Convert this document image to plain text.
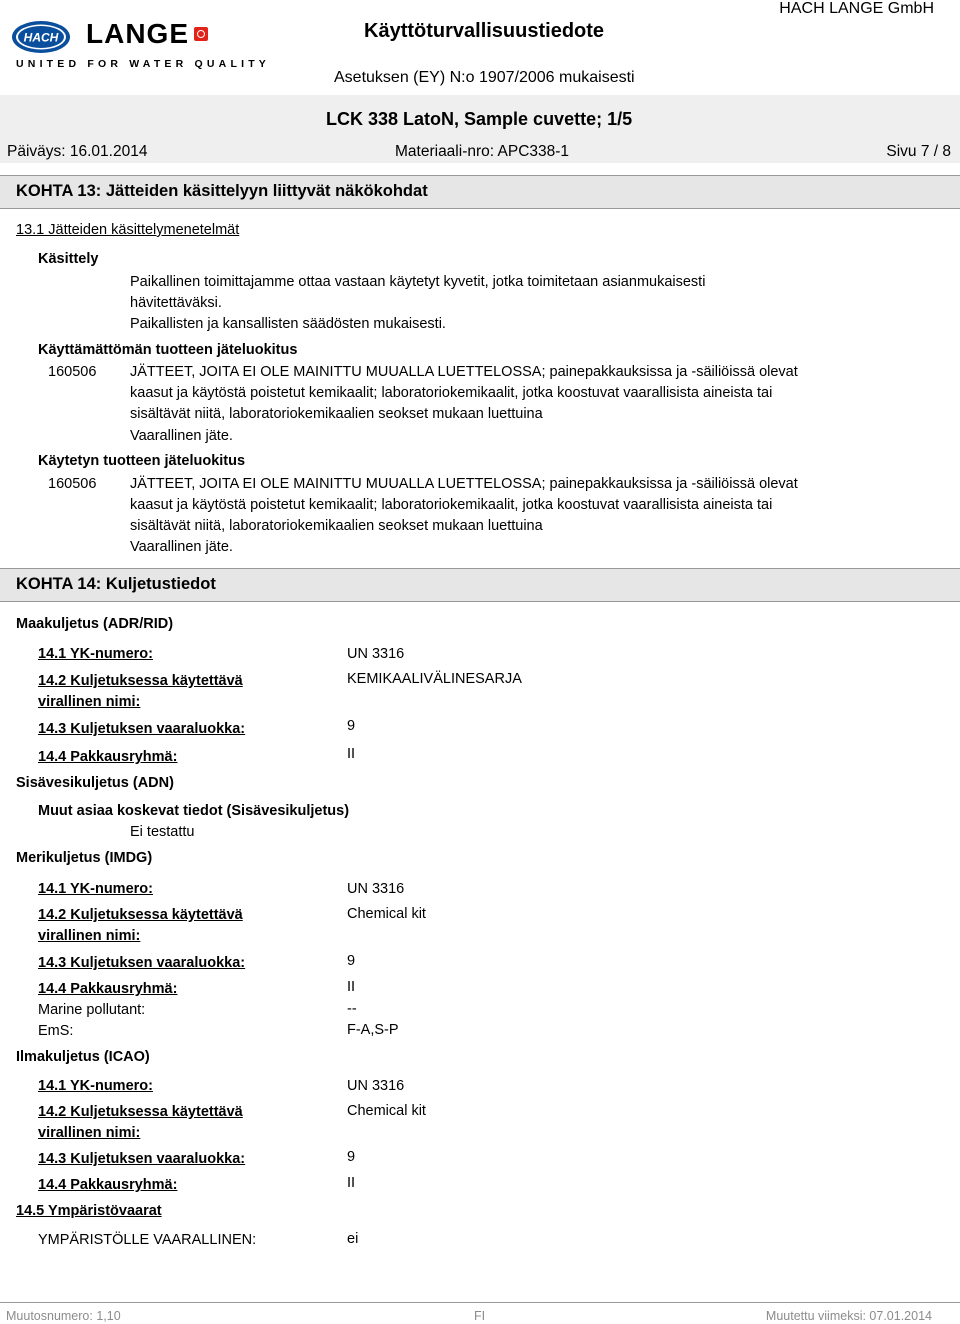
HACH LANGE
UNITED FOR WATER QUALITY
Käyttöturvallisuustiedote
HACH LANGE GmbH
Asetuksen (EY) N:o 1907/2006 mukaisesti
LCK 338 LatoN, Sample cuvette; 1/5
Päiväys: 16.01.2014	Materiaali-nro: APC338-1	Sivu 7 / 8
KOHTA 13: Jätteiden käsittelyyn liittyvät näkökohdat
13.1 Jätteiden käsittelymenetelmät
Käsittely
Paikallinen toimittajamme ottaa vastaan käytetyt kyvetit, jotka toimitetaan asianmukaisesti
hävitettäväksi.
Paikallisten ja kansallisten säädösten mukaisesti.
Käyttämättömän tuotteen jäteluokitus
160506 JÄTTEET, JOITA EI OLE MAINITTU MUUALLA LUETTELOSSA; painepakkauksissa ja -säiliöissä olevat
kaasut ja käytöstä poistetut kemikaalit; laboratoriokemikaalit, jotka koostuvat vaarallisista aineista tai
sisältävät niitä, laboratoriokemikaalien seokset mukaan luettuina
Vaarallinen jäte.
Käytetyn tuotteen jäteluokitus
160506 JÄTTEET, JOITA EI OLE MAINITTU MUUALLA LUETTELOSSA; painepakkauksissa ja -säiliöissä olevat
kaasut ja käytöstä poistetut kemikaalit; laboratoriokemikaalit, jotka koostuvat vaarallisista aineista tai
sisältävät niitä, laboratoriokemikaalien seokset mukaan luettuina
Vaarallinen jäte.
KOHTA 14: Kuljetustiedot
Maakuljetus (ADR/RID)
14.1 YK-numero:	UN 3316
14.2 Kuljetuksessa käytettävä
virallinen nimi:
KEMIKAALIVÄLINESARJA
14.3 Kuljetuksen vaaraluokka:	9
14.4 Pakkausryhmä:	II
Sisävesikuljetus (ADN)
Muut asiaa koskevat tiedot (Sisävesikuljetus)
Ei testattu
Merikuljetus (IMDG)
14.1 YK-numero:	UN 3316
14.2 Kuljetuksessa käytettävä
virallinen nimi:
Chemical kit
14.3 Kuljetuksen vaaraluokka:	9
14.4 Pakkausryhmä:	II
Marine pollutant:	--
EmS:	F-A,S-P
Ilmakuljetus (ICAO)
14.1 YK-numero:	UN 3316
14.2 Kuljetuksessa käytettävä
virallinen nimi:
Chemical kit
14.3 Kuljetuksen vaaraluokka:	9
14.4 Pakkausryhmä:	II
14.5 Ympäristövaarat
YMPÄRISTÖLLE VAARALLINEN:	ei
Muutosnumero: 1,10	FI	Muutettu viimeksi: 07.01.2014
